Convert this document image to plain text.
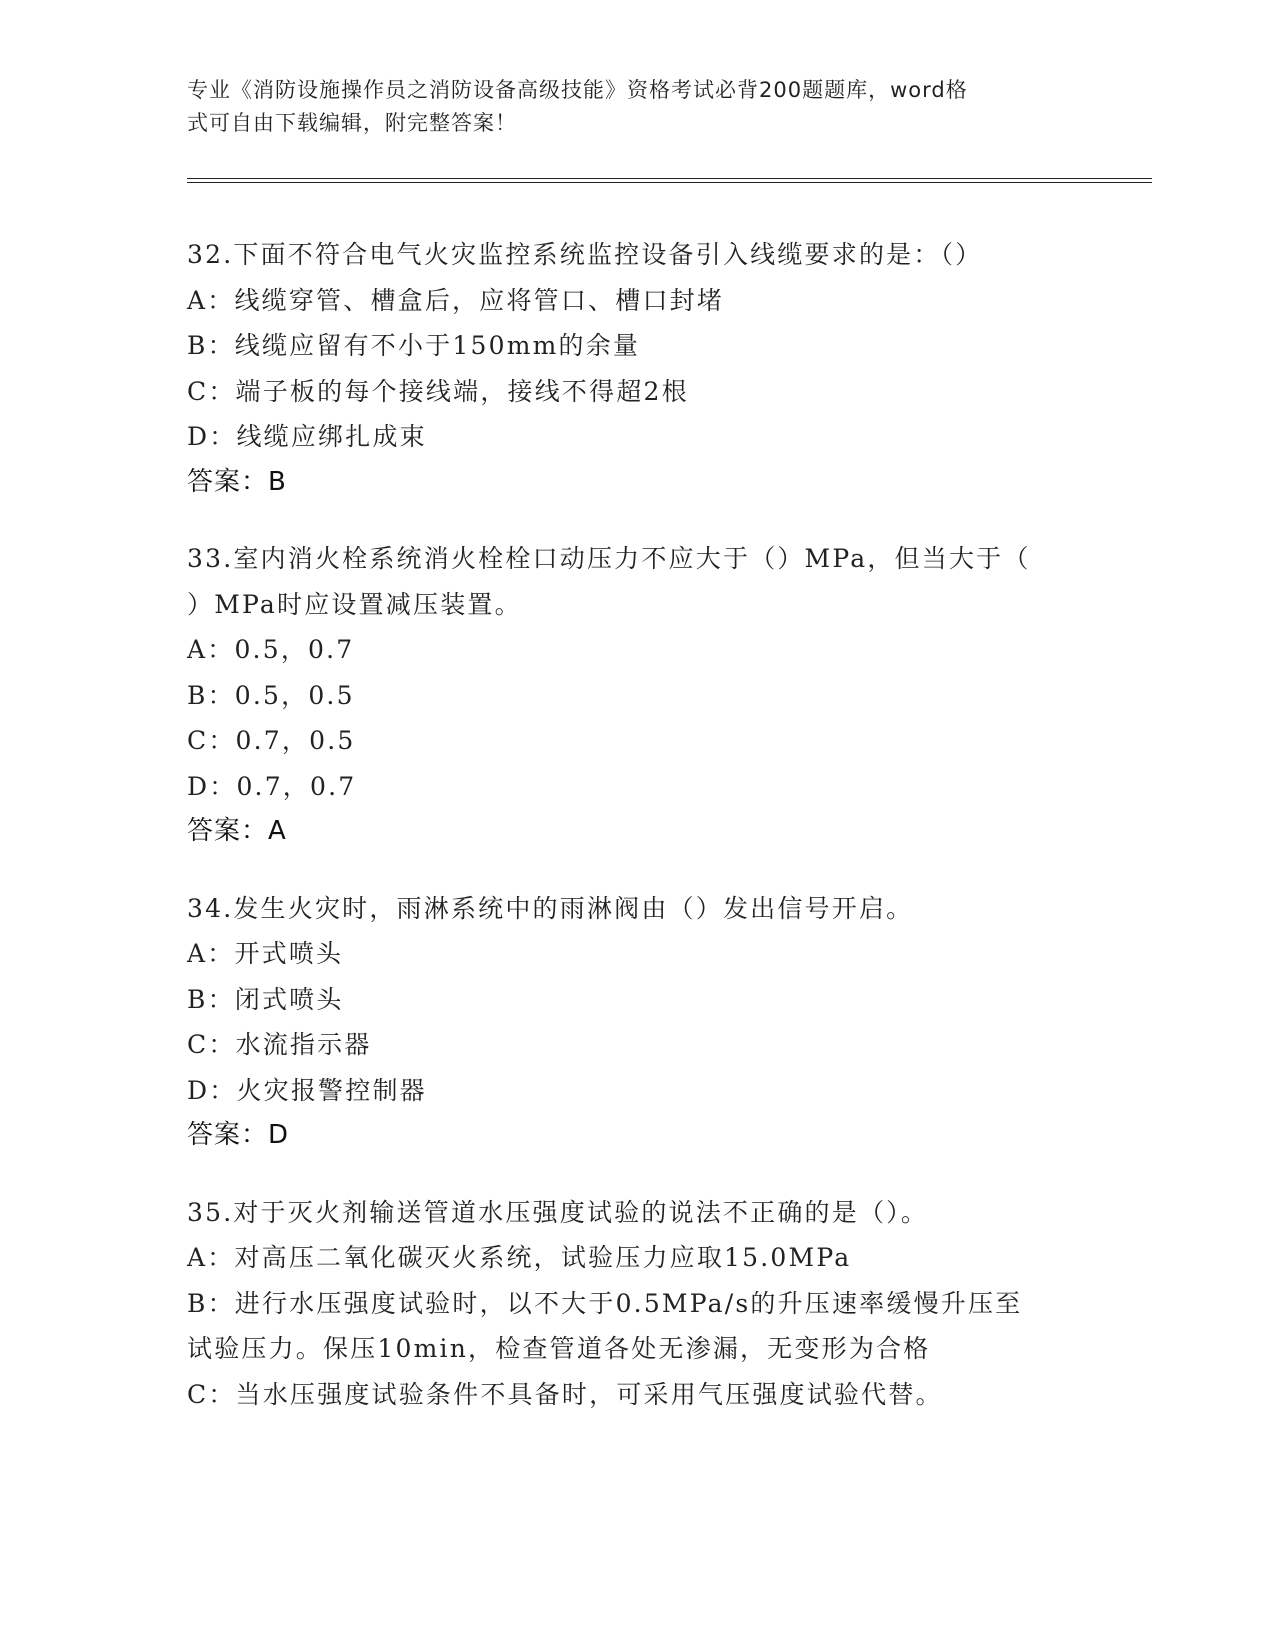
专业《消防设施操作员之消防设备高级技能》资格考试必背200题题库，word格
式可自由下载编辑，附完整答案！
32.下面不符合电气火灾监控系统监控设备引入线缆要求的是：（）
A：线缆穿管、槽盒后，应将管口、槽口封堵
B：线缆应留有不小于150mm的余量
C：端子板的每个接线端，接线不得超2根
D：线缆应绑扎成束
答案：B
33.室内消火栓系统消火栓栓口动压力不应大于（）MPa，但当大于（
）MPa时应设置减压装置。
A：0.5，0.7
B：0.5，0.5
C：0.7，0.5
D：0.7，0.7
答案：A
34.发生火灾时，雨淋系统中的雨淋阀由（）发出信号开启。
A：开式喷头
B：闭式喷头
C：水流指示器
D：火灾报警控制器
答案：D
35.对于灭火剂输送管道水压强度试验的说法不正确的是（）。
A：对高压二氧化碳灭火系统，试验压力应取15.0MPa
B：进行水压强度试验时，以不大于0.5MPa/s的升压速率缓慢升压至
试验压力。保压10min，检查管道各处无渗漏，无变形为合格
C：当水压强度试验条件不具备时，可采用气压强度试验代替。
